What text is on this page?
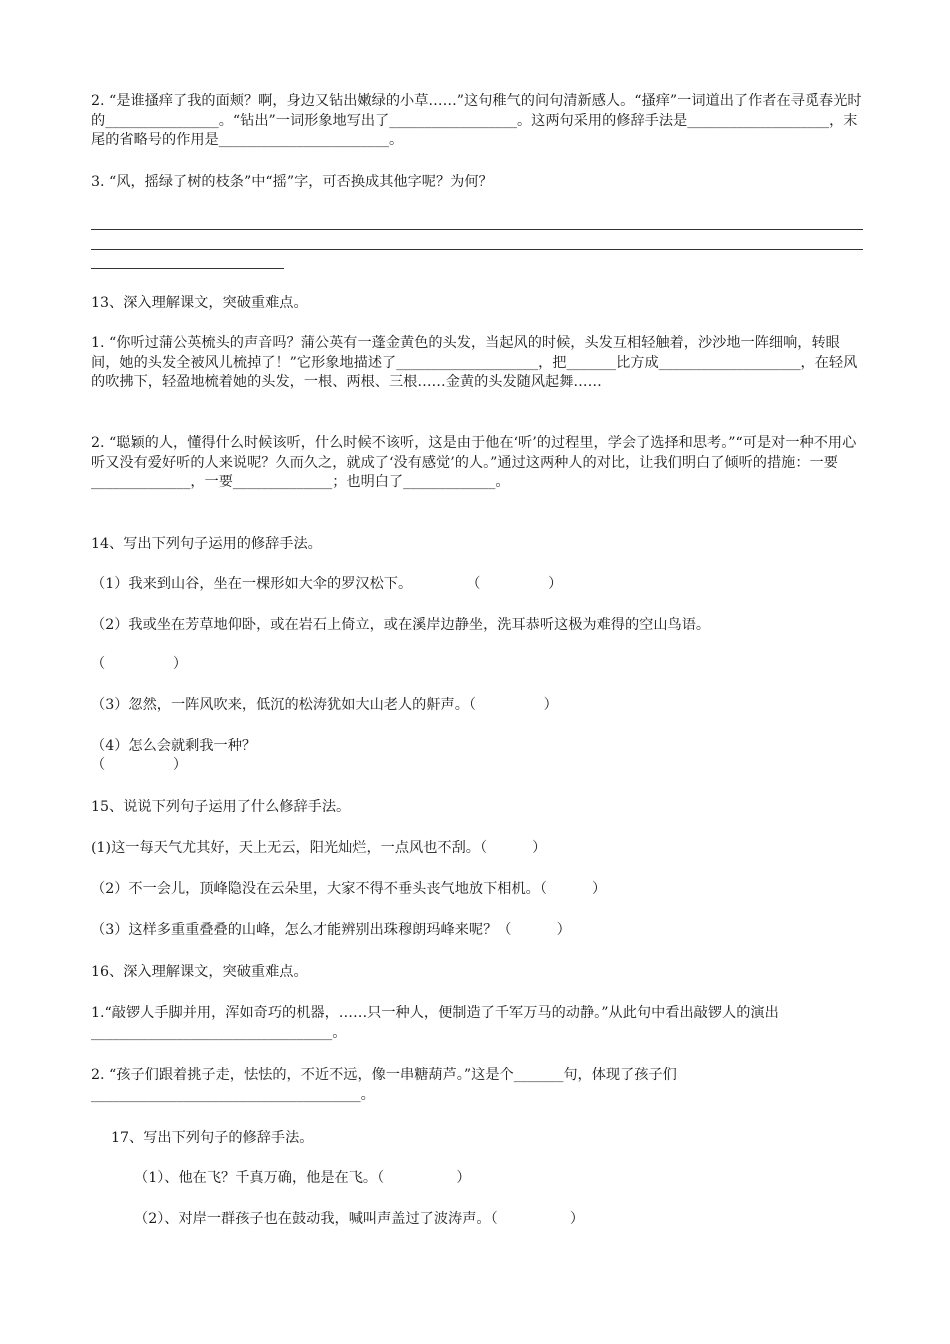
2. “是谁搔痒了我的面颊？啊，身边又钻出嫩绿的小草……”这句稚气的问句清新感人。“搔痒”一词道出了作者在寻觅春光时的________________。“钻出”一词形象地写出了__________________。这两句采用的修辞手法是____________________，末尾的省略号的作用是________________________。

3. “风，摇绿了树的枝条”中“摇”字，可否换成其他字呢？为何？

13、深入理解课文，突破重难点。

1. “你听过蒲公英梳头的声音吗？蒲公英有一蓬金黄色的头发，当起风的时候，头发互相轻触着，沙沙地一阵细响，转眼间，她的头发全被风儿梳掉了！”它形象地描述了____________________，把_______比方成____________________，在轻风的吹拂下，轻盈地梳着她的头发，一根、两根、三根……金黄的头发随风起舞……

2. “聪颖的人，懂得什么时候该听，什么时候不该听，这是由于他在‘听’的过程里，学会了选择和思考。”“可是对一种不用心听又没有爱好听的人来说呢？久而久之，就成了‘没有感觉’的人。”通过这两种人的对比，让我们明白了倾听的措施：一要______________，一要______________；也明白了_____________。

14、写出下列句子运用的修辞手法。

（1）我来到山谷，坐在一棵形如大伞的罗汉松下。            （               ）

（2）我或坐在芳草地仰卧，或在岩石上倚立，或在溪岸边静坐，洗耳恭听这极为难得的空山鸟语。

（               ）

（3）忽然，一阵风吹来，低沉的松涛犹如大山老人的鼾声。（               ）

（4）怎么会就剩我一种？

（               ）

15、说说下列句子运用了什么修辞手法。

(1)这一每天气尤其好，天上无云，阳光灿烂，一点风也不刮。（          ）

（2）不一会儿，顶峰隐没在云朵里，大家不得不垂头丧气地放下相机。（          ）

（3）这样多重重叠叠的山峰，怎么才能辨别出珠穆朗玛峰来呢？（          ）

16、深入理解课文，突破重难点。

1.“敲锣人手脚并用，浑如奇巧的机器，……只一种人，便制造了千军万马的动静。”从此句中看出敲锣人的演出__________________________________。

2. “孩子们跟着挑子走，怯怯的，不近不远，像一串糖葫芦。”这是个_______句，体现了孩子们______________________________________。

17、写出下列句子的修辞手法。

（1）、他在飞？千真万确，他是在飞。（                ）

（2）、对岸一群孩子也在鼓动我，喊叫声盖过了波涛声。（                ）
